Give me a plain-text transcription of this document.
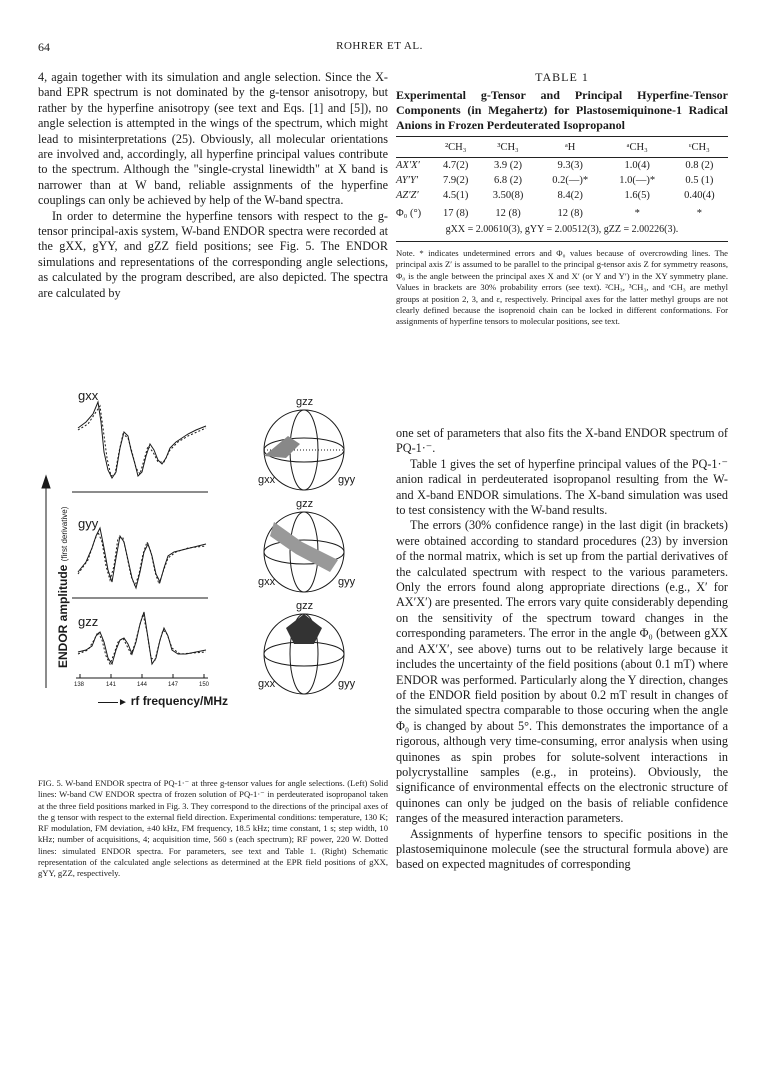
64	ROHRER ET AL.

4, again together with its simulation and angle selection. Since the X-band EPR spectrum is not dominated by the g-tensor anisotropy, but rather by the hyperfine anisotropy (see text and Eqs. [1] and [5]), no angle selection is attempted in the wings of the spectrum, which might lead to misinterpretations (25). Obviously, all molecular orientations are involved and, accordingly, all hyperfine principal values contribute to the spectrum. Although the "single-crystal linewidth" at X band is narrower than at W band, reliable assignments of the hyperfine couplings can only be achieved by help of the W-band spectra.

In order to determine the hyperfine tensors with respect to the g-tensor principal-axis system, W-band ENDOR spectra were recorded at the gXX, gYY, and gZZ field positions; see Fig. 5. The ENDOR simulations and representations of the corresponding angle selections, as calculated by the program described, are also depicted. The spectra are calculated by

TABLE 1
Experimental g-Tensor and Principal Hyperfine-Tensor Components (in Megahertz) for Plastosemiquinone-1 Radical Anions in Frozen Perdeuterated Isopropanol
	²CH₃	³CH₃	ᵃH	ᵃCH₃	ᵋCH₃
AX′X′	4.7(2)	3.9 (2)	9.3(3)	1.0(4)	0.8 (2)
AY′Y′	7.9(2)	6.8 (2)	0.2(—)*	1.0(—)*	0.5 (1)
AZ′Z′	4.5(1)	3.50(8)	8.4(2)	1.6(5)	0.40(4)
Φ₀ (°)	17 (8)	12 (8)	12 (8)	*	*
gXX = 2.00610(3), gYY = 2.00512(3), gZZ = 2.00226(3).
Note. * indicates undetermined errors and Φ₀ values because of overcrowding lines. The principal axis Z′ is assumed to be parallel to the principal g-tensor axis Z for symmetry reasons, Φ₀ is the angle between the principal axes X and X′ (or Y and Y′) in the XY symmetry plane. Values in brackets are 30% probability errors (see text). ²CH₃, ³CH₃, and ᵋCH₃ are methyl groups at position 2, 3, and ε, respectively. Principal axes for the latter methyl groups are not clearly defined because the isoprenoid chain can be locked in different conformations. For assignments of hyperfine tensors to molecular positions, see text.
gxx
gyy
gzz
gzz
gxx	gyy
gzz
gxx	gyy
gzz
gxx	gyy
138	141	144	147	150
ENDOR amplitude (first derivative)
——► rf frequency/MHz
FIG. 5. W-band ENDOR spectra of PQ-1·⁻ at three g-tensor values for angle selections. (Left) Solid lines: W-band CW ENDOR spectra of frozen solution of PQ-1·⁻ in perdeuterated isopropanol taken at the three field positions marked in Fig. 3. They correspond to the directions of the principal axes of the g tensor with respect to the external field direction. Experimental conditions: temperature, 130 K; RF modulation, FM deviation, ±40 kHz, FM frequency, 18.5 kHz; time constant, 1 s; step width, 10 kHz; number of acquisitions, 4; acquisition time, 560 s (each spectrum); RF power, 220 W. Dotted lines: simulated ENDOR spectra. For parameters, see text and Table 1. (Right) Schematic representation of the calculated angle selections as determined at the EPR field positions of gXX, gYY, gZZ, respectively.

one set of parameters that also fits the X-band ENDOR spectrum of PQ-1·⁻.

Table 1 gives the set of hyperfine principal values of the PQ-1·⁻ anion radical in perdeuterated isopropanol resulting from the W- and X-band ENDOR simulations. The X-band simulation was used to test consistency with the W-band results.

The errors (30% confidence range) in the last digit (in brackets) were obtained according to standard procedures (23) by inversion of the normal matrix, which is set up from the partial derivatives of the calculated spectrum with respect to the various parameters. Only the errors found along appropriate directions (e.g., X′ for AX′X′) are presented. The errors vary quite considerably depending on the sensitivity of the spectrum toward changes in the corresponding parameters. The error in the angle Φ₀ (between gXX and AX′X′, see above) turns out to be relatively large because it includes the uncertainty of the field positions (about 0.1 mT) where ENDOR was performed. Particularly along the Y direction, changes of the ENDOR field position by about 0.2 mT result in changes of the simulated spectra comparable to those occuring when the angle Φ₀ is changed by about 5°. This demonstrates the importance of a rigorous, although very time-consuming, error analysis when using quinones as spin probes for solute-solvent interactions in polycrystalline samples (e.g., in proteins). Obviously, the significance of environmental effects on the electronic structure of quinones can only be judged on the basis of reliable confidence ranges of the measured interaction parameters.

Assignments of hyperfine tensors to specific positions in the plastosemiquinone molecule (see the structural formula above) are based on expected magnitudes of corresponding
